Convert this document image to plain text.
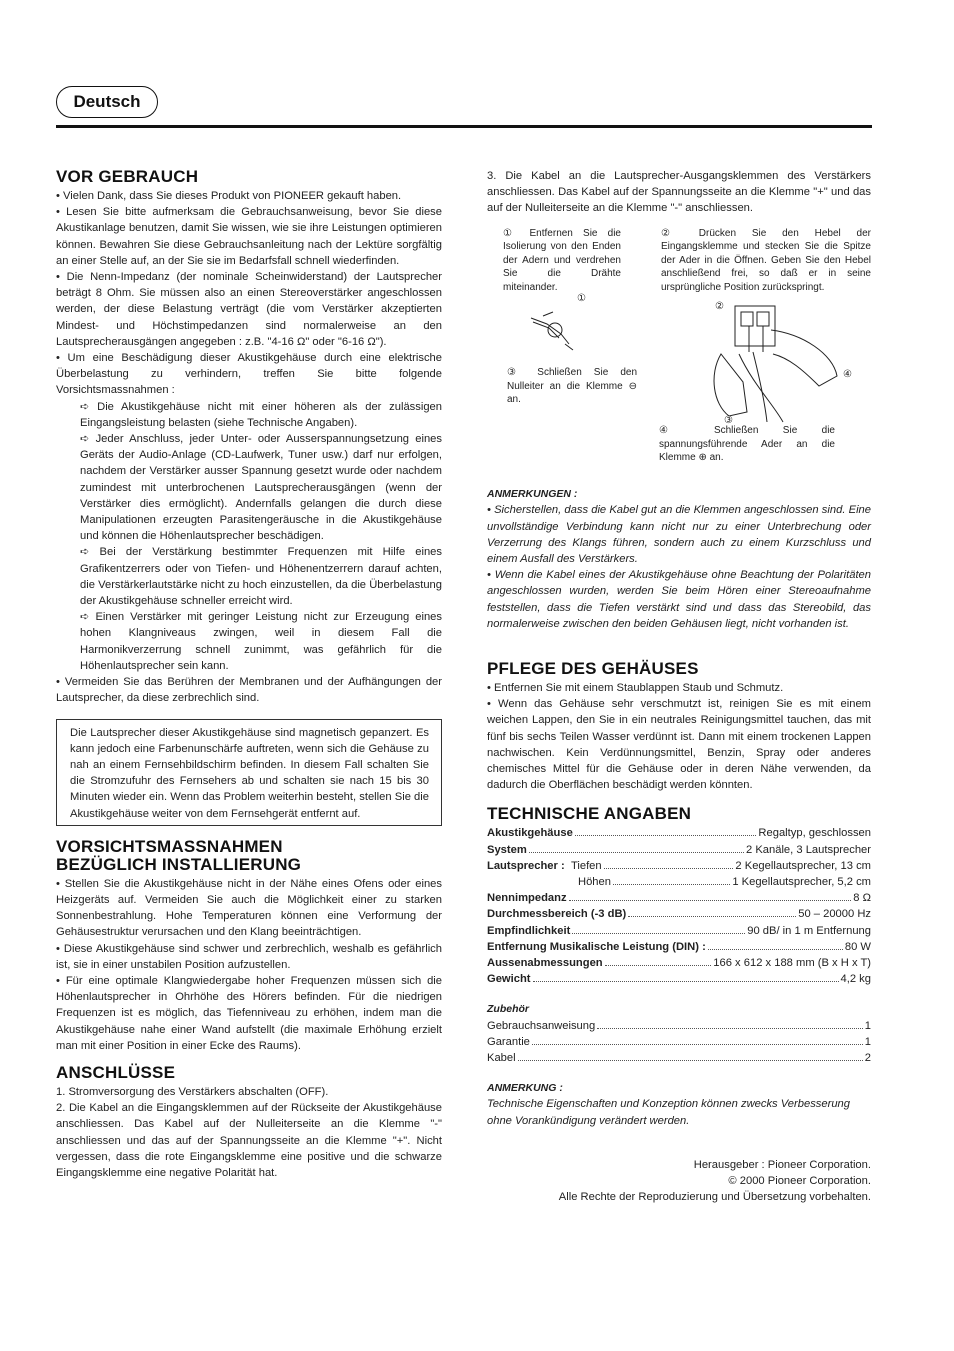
Deutsch
VOR GEBRAUCH

• Vielen Dank, dass Sie dieses Produkt von PIONEER gekauft haben.

• Lesen Sie bitte aufmerksam die Gebrauchsanweisung, bevor Sie diese Akustikanlage benutzen, damit Sie wissen, wie sie ihre Leistungen optimieren können. Bewahren Sie diese Gebrauchsanleitung nach der Lektüre sorgfältig an einer Stelle auf, an der Sie sie im Bedarfsfall schnell wiederfinden.

• Die Nenn-Impedanz (der nominale Scheinwiderstand) der Lautsprecher beträgt 8 Ohm. Sie müssen also an einen Stereoverstärker angeschlossen werden, der diese Belastung verträgt (die vom Verstärker akzeptierten Mindest- und Höchstimpedanzen sind normalerweise an den Lautsprecherausgängen angegeben : z.B. "4-16 Ω" oder "6-16 Ω").

• Um eine Beschädigung dieser Akustikgehäuse durch eine elektrische Überbelastung zu verhindern, treffen Sie bitte folgende Vorsichtsmassnahmen :

➪ Die Akustikgehäuse nicht mit einer höheren als der zulässigen Eingangsleistung belasten (siehe Technische Angaben).

➪ Jeder Anschluss, jeder Unter- oder Ausserspannungsetzung eines Geräts der Audio-Anlage (CD-Laufwerk, Tuner usw.) darf nur erfolgen, nachdem der Verstärker ausser Spannung gesetzt wurde oder nachdem zumindest mit unterbrochenen Lautsprecherausgängen (wenn der Verstärker dies ermöglicht). Andernfalls gelangen die durch diese Manipulationen erzeugten Parasitengeräusche in die Akustikgehäuse und können die Höhenlautsprecher beschädigen.

➪ Bei der Verstärkung bestimmter Frequenzen mit Hilfe eines Grafikentzerrers oder von Tiefen- und Höhenentzerrern darauf achten, die Verstärkerlautstärke nicht zu hoch einzustellen, da die Überbelastung der Akustikgehäuse schneller erreicht wird.

➪ Einen Verstärker mit geringer Leistung nicht zur Erzeugung eines hohen Klangniveaus zwingen, weil in diesem Fall die Harmonikverzerrung schnell zunimmt, was gefährlich für die Höhenlautsprecher sein kann.

• Vermeiden Sie das Berühren der Membranen und der Aufhängungen der Lautsprecher, da diese zerbrechlich sind.

Die Lautsprecher dieser Akustikgehäuse sind magnetisch gepanzert. Es kann jedoch eine Farbenunschärfe auftreten, wenn sich die Gehäuse zu nah an einem Fernsehbildschirm befinden. In diesem Fall schalten Sie die Stromzufuhr des Fernsehers ab und schalten sie nach 15 bis 30 Minuten wieder ein. Wenn das Problem weiterhin besteht, stellen Sie die Akustikgehäuse weiter von dem Fernsehgerät entfernt auf.

VORSICHTSMASSNAHMEN
BEZÜGLICH INSTALLIERUNG

• Stellen Sie die Akustikgehäuse nicht in der Nähe eines Ofens oder eines Heizgeräts auf. Vermeiden Sie auch die Möglichkeit einer zu starken Sonnenbestrahlung. Hohe Temperaturen können eine Verformung der Gehäusestruktur verursachen und den Klang beeinträchtigen.

• Diese Akustikgehäuse sind schwer und zerbrechlich, weshalb es gefährlich ist, sie in einer unstabilen Position aufzustellen.

• Für eine optimale Klangwiedergabe hoher Frequenzen müssen sich die Höhenlautsprecher in Ohrhöhe des Hörers befinden. Für die niedrigen Frequenzen ist es möglich, das Tiefenniveau zu erhöhen, indem man die Akustikgehäuse nahe einer Wand aufstellt (die maximale Erhöhung erzielt man mit einer Position in einer Ecke des Raums).

ANSCHLÜSSE

1. Stromversorgung des Verstärkers abschalten (OFF).

2. Die Kabel an die Eingangsklemmen auf der Rückseite der Akustikgehäuse anschliessen. Das Kabel auf der Nulleiterseite an die Klemme "-" anschliessen und das auf der Spannungsseite an die Klemme "+". Nicht vergessen, dass die rote Eingangsklemme eine positive und die schwarze Eingangsklemme eine negative Polarität hat.

3. Die Kabel an die Lautsprecher-Ausgangsklemmen des Verstärkers anschliessen. Das Kabel auf der Spannungsseite an die Klemme "+" und das auf der Nulleiterseite an die Klemme "-" anschliessen.

① Entfernen Sie die Isolierung von den Enden der Adern und verdrehen Sie die Drähte miteinander.
② Drücken Sie den Hebel der Eingangsklemme und stecken Sie die Spitze der Ader in die Öffnen. Geben Sie den Hebel anschließend frei, so daß er in seine ursprüngliche Position zurückspringt.
①
②
③
④
③ Schließen Sie den Nulleiter an die Klemme ⊖ an.
④ Schließen Sie die spannungsführende Ader an die Klemme ⊕ an.
ANMERKUNGEN :

• Sicherstellen, dass die Kabel gut an die Klemmen angeschlossen sind. Eine unvollständige Verbindung kann nicht nur zu einer Unterbrechung oder Verzerrung des Klangs führen, sondern auch zu einem Kurzschluss und einem Ausfall des Verstärkers.

• Wenn die Kabel eines der Akustikgehäuse ohne Beachtung der Polaritäten angeschlossen wurden, werden Sie beim Hören einer Stereoaufnahme feststellen, dass die Tiefen verstärkt sind und dass das Stereobild, das normalerweise zwischen den beiden Gehäusen liegt, nicht vorhanden ist.

PFLEGE DES GEHÄUSES

• Entfernen Sie mit einem Staublappen Staub und Schmutz.

• Wenn das Gehäuse sehr verschmutzt ist, reinigen Sie es mit einem weichen Lappen, den Sie in ein neutrales Reinigungsmittel tauchen, das mit fünf bis sechs Teilen Wasser verdünnt ist. Dann mit einem trockenen Lappen nachwischen. Kein Verdünnungsmittel, Benzin, Spray oder anderes chemisches Mittel für die Gehäuse oder in deren Nähe verwenden, da dadurch die Oberflächen beschädigt werden könnten.

TECHNISCHE ANGABEN
Akustikgehäuse	Regaltyp, geschlossen
System	2 Kanäle, 3 Lautsprecher
Lautsprecher :
Tiefen	2 Kegellautsprecher, 13 cm
Höhen	1 Kegellautsprecher, 5,2 cm
Nennimpedanz	8 Ω
Durchmessbereich (-3 dB)	50 – 20000 Hz
Empfindlichkeit	90 dB/ in 1 m Entfernung
Entfernung Musikalische Leistung (DIN) :	80 W
Aussenabmessungen	166 x 612 x 188 mm (B x H x T)
Gewicht	4,2 kg
Zubehör
Gebrauchsanweisung	1
Garantie	1
Kabel	2
ANMERKUNG :

Technische Eigenschaften und Konzeption können zwecks Verbesserung ohne Vorankündigung verändert werden.

Herausgeber : Pioneer Corporation.
© 2000 Pioneer Corporation.
Alle Rechte der Reproduzierung und Übersetzung vorbehalten.
